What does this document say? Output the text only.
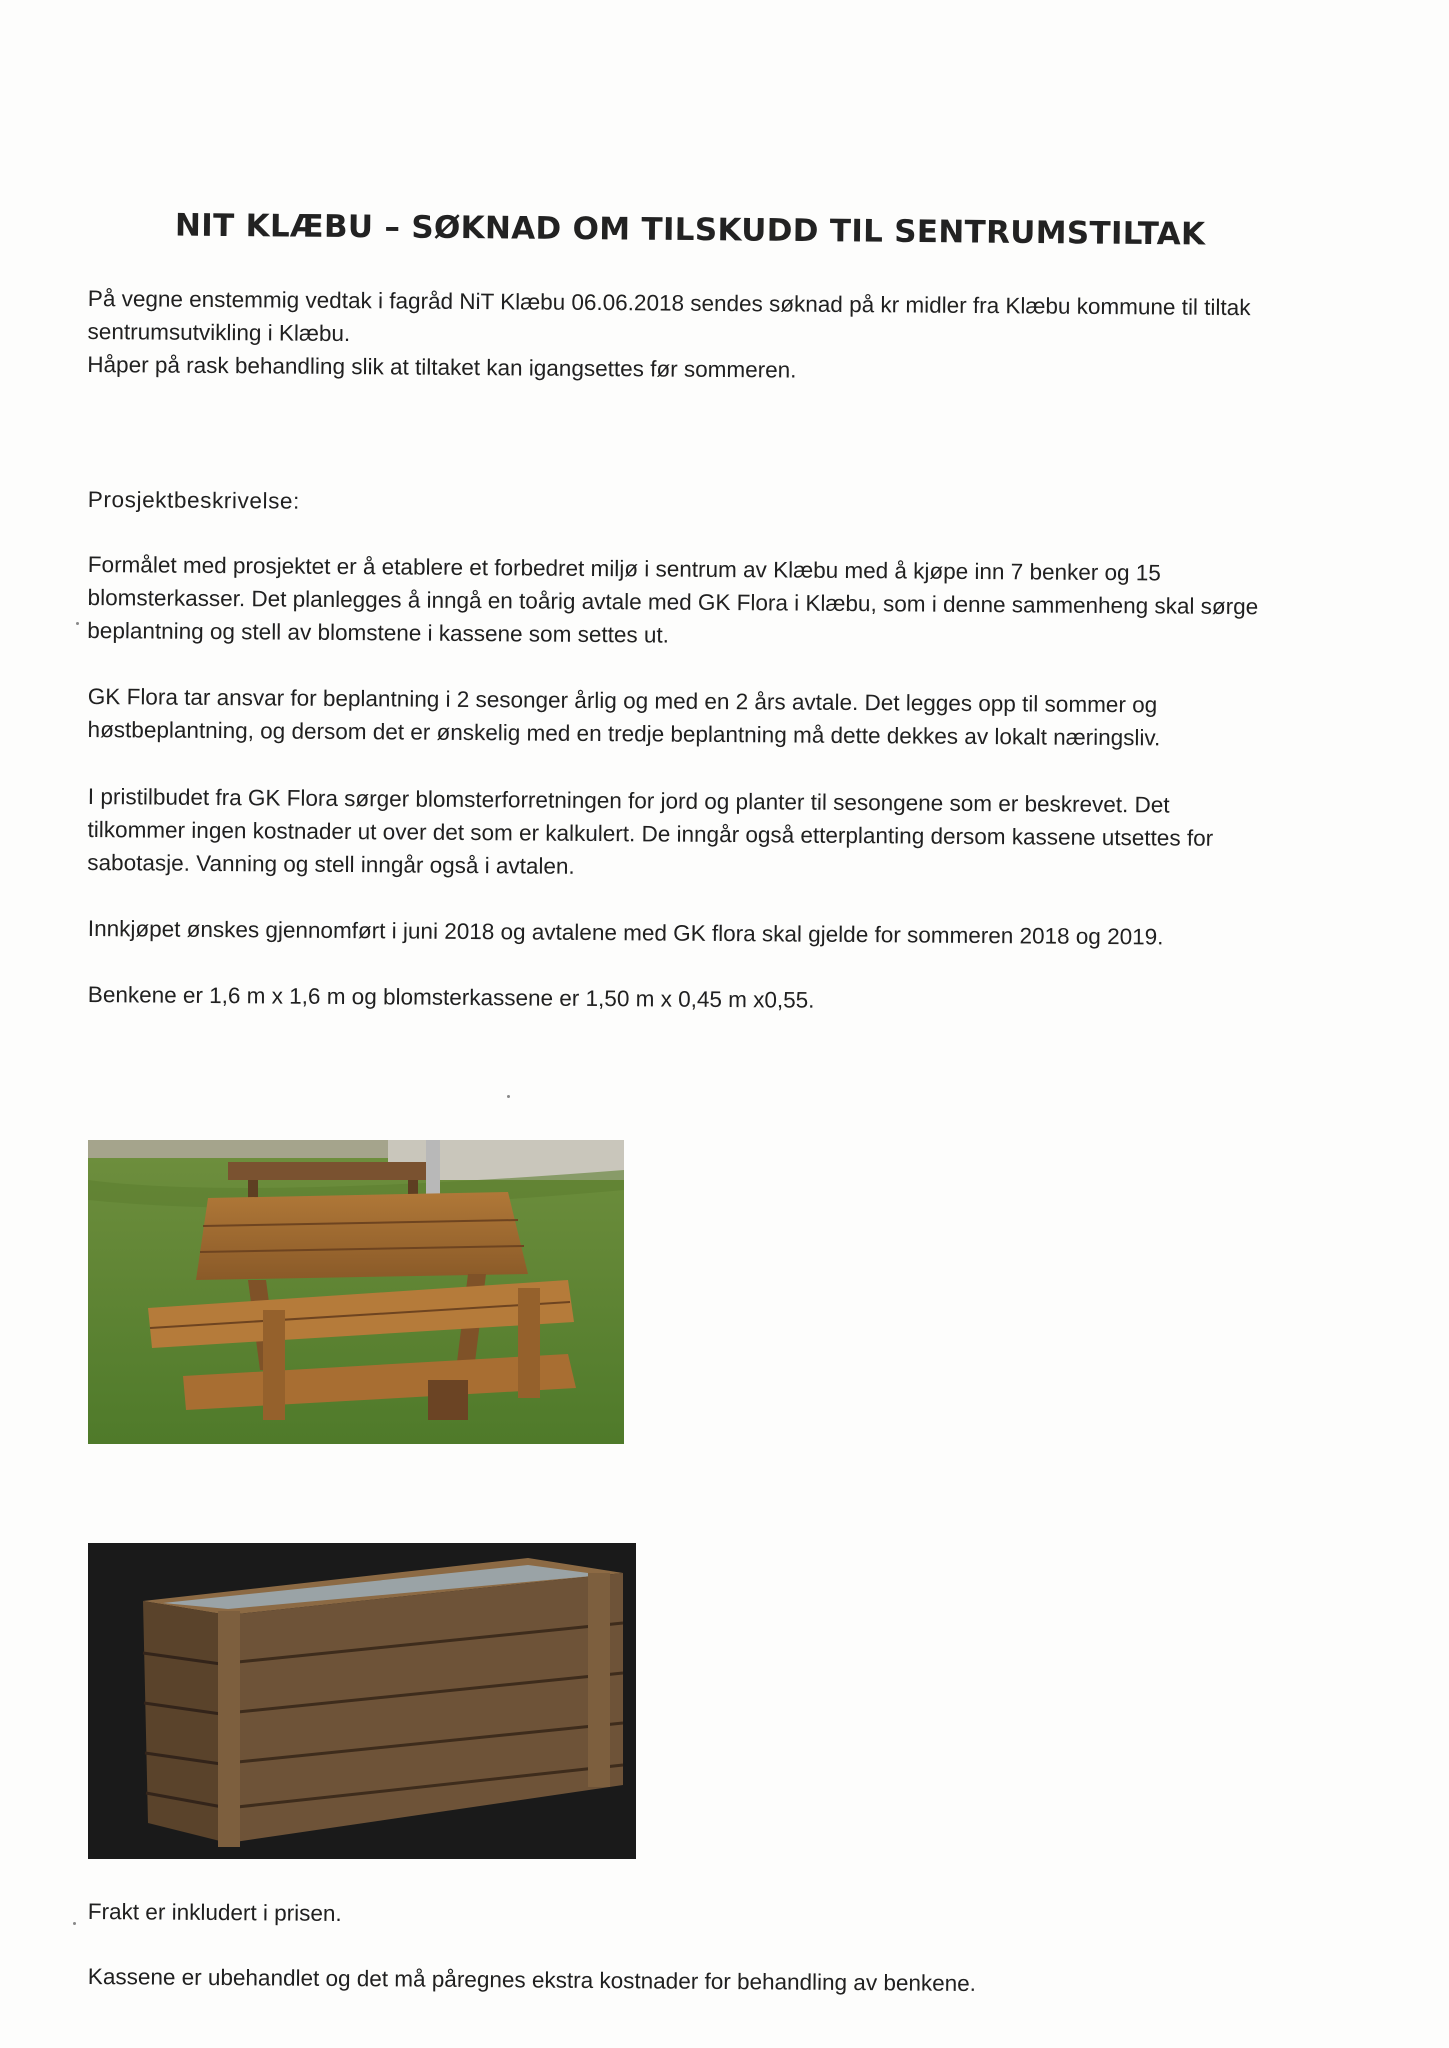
NIT KLÆBU – SØKNAD OM TILSKUDD TIL SENTRUMSTILTAK
På vegne enstemmig vedtak i fagråd NiT Klæbu 06.06.2018 sendes søknad på kr midler fra Klæbu kommune til tiltak
sentrumsutvikling i Klæbu.
Håper på rask behandling slik at tiltaket kan igangsettes før sommeren.
Prosjektbeskrivelse:
Formålet med prosjektet er å etablere et forbedret miljø i sentrum av Klæbu med å kjøpe inn 7 benker og 15
blomsterkasser. Det planlegges å inngå en toårig avtale med GK Flora i Klæbu, som i denne sammenheng skal sørge
beplantning og stell av blomstene i kassene som settes ut.
GK Flora tar ansvar for beplantning i 2 sesonger årlig og med en 2 års avtale. Det legges opp til sommer og
høstbeplantning, og dersom det er ønskelig med en tredje beplantning må dette dekkes av lokalt næringsliv.
I pristilbudet fra GK Flora sørger blomsterforretningen for jord og planter til sesongene som er beskrevet. Det
tilkommer ingen kostnader ut over det som er kalkulert. De inngår også etterplanting dersom kassene utsettes for
sabotasje. Vanning og stell inngår også i avtalen.
Innkjøpet ønskes gjennomført i juni 2018 og avtalene med GK flora skal gjelde for sommeren 2018 og 2019.
Benkene er 1,6 m x 1,6 m og blomsterkassene er 1,50 m x 0,45 m x0,55.
Frakt er inkludert i prisen.
Kassene er ubehandlet og det må påregnes ekstra kostnader for behandling av benkene.
